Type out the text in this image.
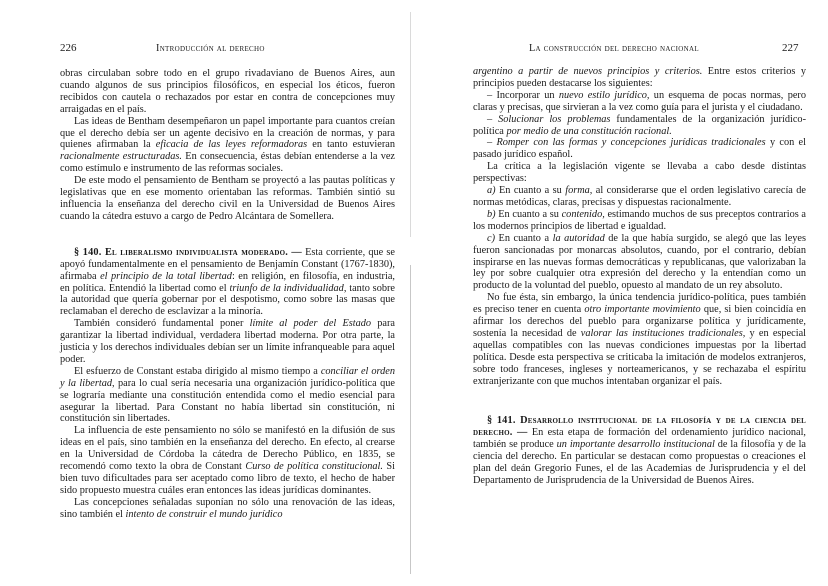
226	Introducción al derecho

obras circulaban sobre todo en el grupo rivadaviano de Buenos Aires, aun cuando algunos de sus principios filosóficos, en especial los éticos, fueron recibidos con cautela o rechazados por estar en contra de concepciones muy arraigadas en el país.

Las ideas de Bentham desempeñaron un papel importante para cuantos creían que el derecho debía ser un agente decisivo en la creación de normas, y para quienes afirmaban la eficacia de las leyes reformadoras en tanto estuvieran racionalmente estructuradas. En consecuencia, éstas debían entenderse a la vez como estímulo e instrumento de las reformas sociales.

De este modo el pensamiento de Bentham se proyectó a las pautas políticas y legislativas que en ese momento orientaban las reformas. También sintió su influencia la enseñanza del derecho civil en la Universidad de Buenos Aires cuando la cátedra estuvo a cargo de Pedro Alcántara de Somellera.

§ 140. El liberalismo individualista moderado. — Esta corriente, que se apoyó fundamentalmente en el pensamiento de Benjamín Constant (1767-1830), afirmaba el principio de la total libertad: en religión, en filosofía, en industria, en política. Entendió la libertad como el triunfo de la individualidad, tanto sobre la autoridad que quería gobernar por el despotismo, como sobre las masas que reclamaban el derecho de esclavizar a la minoría.

También consideró fundamental poner límite al poder del Estado para garantizar la libertad individual, verdadera libertad moderna. Por otra parte, la justicia y los derechos individuales debían ser un límite infranqueable para aquel poder.

El esfuerzo de Constant estaba dirigido al mismo tiempo a conciliar el orden y la libertad, para lo cual sería necesaria una organización jurídico-política que se lograría mediante una constitución entendida como el medio esencial para asegurar la libertad. Para Constant no había libertad sin constitución, ni constitución sin libertades.

La influencia de este pensamiento no sólo se manifestó en la difusión de sus ideas en el país, sino también en la enseñanza del derecho. En efecto, al crearse en la Universidad de Córdoba la cátedra de Derecho Público, en 1835, se recomendó como texto la obra de Constant Curso de política constitucional. Si bien tuvo dificultades para ser aceptado como libro de texto, el hecho de haber sido propuesto muestra cuáles eran entonces las ideas jurídicas dominantes.

Las concepciones señaladas suponían no sólo una renovación de las ideas, sino también el intento de construir el mundo jurídico

La construcción del derecho nacional	227

argentino a partir de nuevos principios y criterios. Entre estos criterios y principios pueden destacarse los siguientes:

– Incorporar un nuevo estilo jurídico, un esquema de pocas normas, pero claras y precisas, que sirvieran a la vez como guía para el jurista y el ciudadano.

– Solucionar los problemas fundamentales de la organización jurídico-política por medio de una constitución racional.

– Romper con las formas y concepciones jurídicas tradicionales y con el pasado jurídico español.

La crítica a la legislación vigente se llevaba a cabo desde distintas perspectivas:

a) En cuanto a su forma, al considerarse que el orden legislativo carecía de normas metódicas, claras, precisas y dispuestas racionalmente.

b) En cuanto a su contenido, estimando muchos de sus preceptos contrarios a los modernos principios de libertad e igualdad.

c) En cuanto a la autoridad de la que había surgido, se alegó que las leyes fueron sancionadas por monarcas absolutos, cuando, por el contrario, debían inspirarse en las nuevas formas democráticas y republicanas, que valorizaban la ley por sobre cualquier otra expresión del derecho y la entendían como un producto de la voluntad del pueblo, opuesto al mandato de un rey absoluto.

No fue ésta, sin embargo, la única tendencia jurídico-política, pues también es preciso tener en cuenta otro importante movimiento que, si bien coincidía en afirmar los derechos del pueblo para organizarse política y jurídicamente, sostenía la necesidad de valorar las instituciones tradicionales, y en especial aquellas compatibles con las nuevas condiciones impuestas por la libertad política. Desde esta perspectiva se criticaba la imitación de modelos extranjeros, sobre todo franceses, ingleses y norteamericanos, y se rechazaba el espíritu extranjerizante con que muchos intentaban organizar el país.

§ 141. Desarrollo institucional de la filosofía y de la ciencia del derecho. — En esta etapa de formación del ordenamiento jurídico nacional, también se produce un importante desarrollo institucional de la filosofía y de la ciencia del derecho. En particular se destacan como propuestas o creaciones el plan del deán Gregorio Funes, el de las Academias de Jurisprudencia y el del Departamento de Jurisprudencia de la Universidad de Buenos Aires.
